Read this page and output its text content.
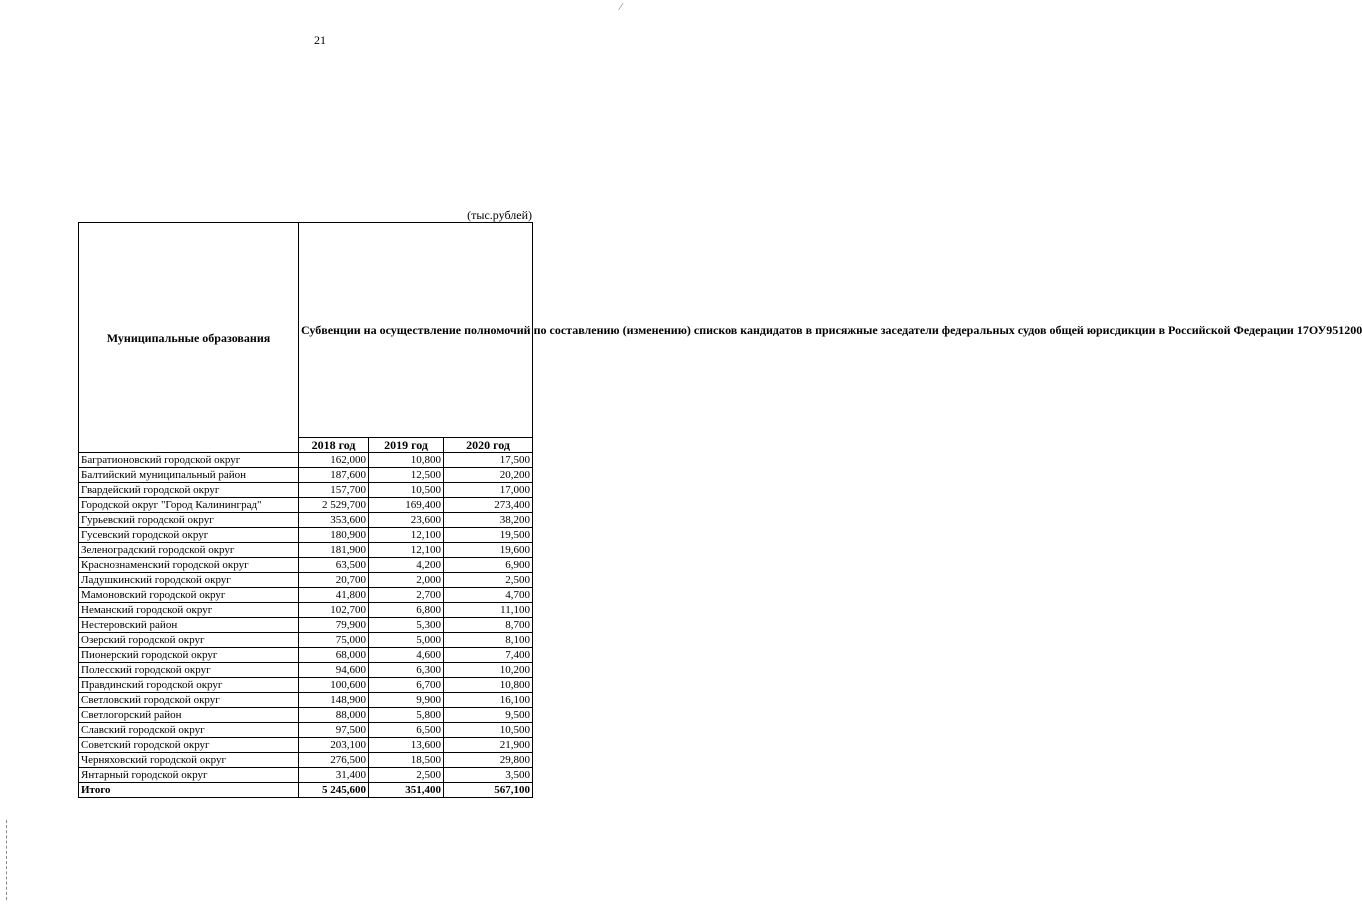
⁄
21
(тыс.рублей)
Муниципальные образования	Субвенции на осуществление полномочий по составлению (изменению) списков кандидатов в присяжные заседатели федеральных судов общей юрисдикции в Российской Федерации 17ОУ951200		
	2018 год	2019 год	2020 год
Багратионовский городской округ	162,000	10,800	17,500
Балтийский муниципальный район	187,600	12,500	20,200
Гвардейский городской округ	157,700	10,500	17,000
Городской округ "Город Калининград"	2 529,700	169,400	273,400
Гурьевский городской округ	353,600	23,600	38,200
Гусевский городской округ	180,900	12,100	19,500
Зеленоградский городской округ	181,900	12,100	19,600
Краснознаменский городской округ	63,500	4,200	6,900
Ладушкинский городской округ	20,700	2,000	2,500
Мамоновский городской округ	41,800	2,700	4,700
Неманский городской округ	102,700	6,800	11,100
Нестеровский район	79,900	5,300	8,700
Озерский городской округ	75,000	5,000	8,100
Пионерский городской округ	68,000	4,600	7,400
Полесский городской округ	94,600	6,300	10,200
Правдинский городской округ	100,600	6,700	10,800
Светловский городской округ	148,900	9,900	16,100
Светлогорский район	88,000	5,800	9,500
Славский городской округ	97,500	6,500	10,500
Советский городской округ	203,100	13,600	21,900
Черняховский городской округ	276,500	18,500	29,800
Янтарный городской округ	31,400	2,500	3,500
Итого	5 245,600	351,400	567,100
